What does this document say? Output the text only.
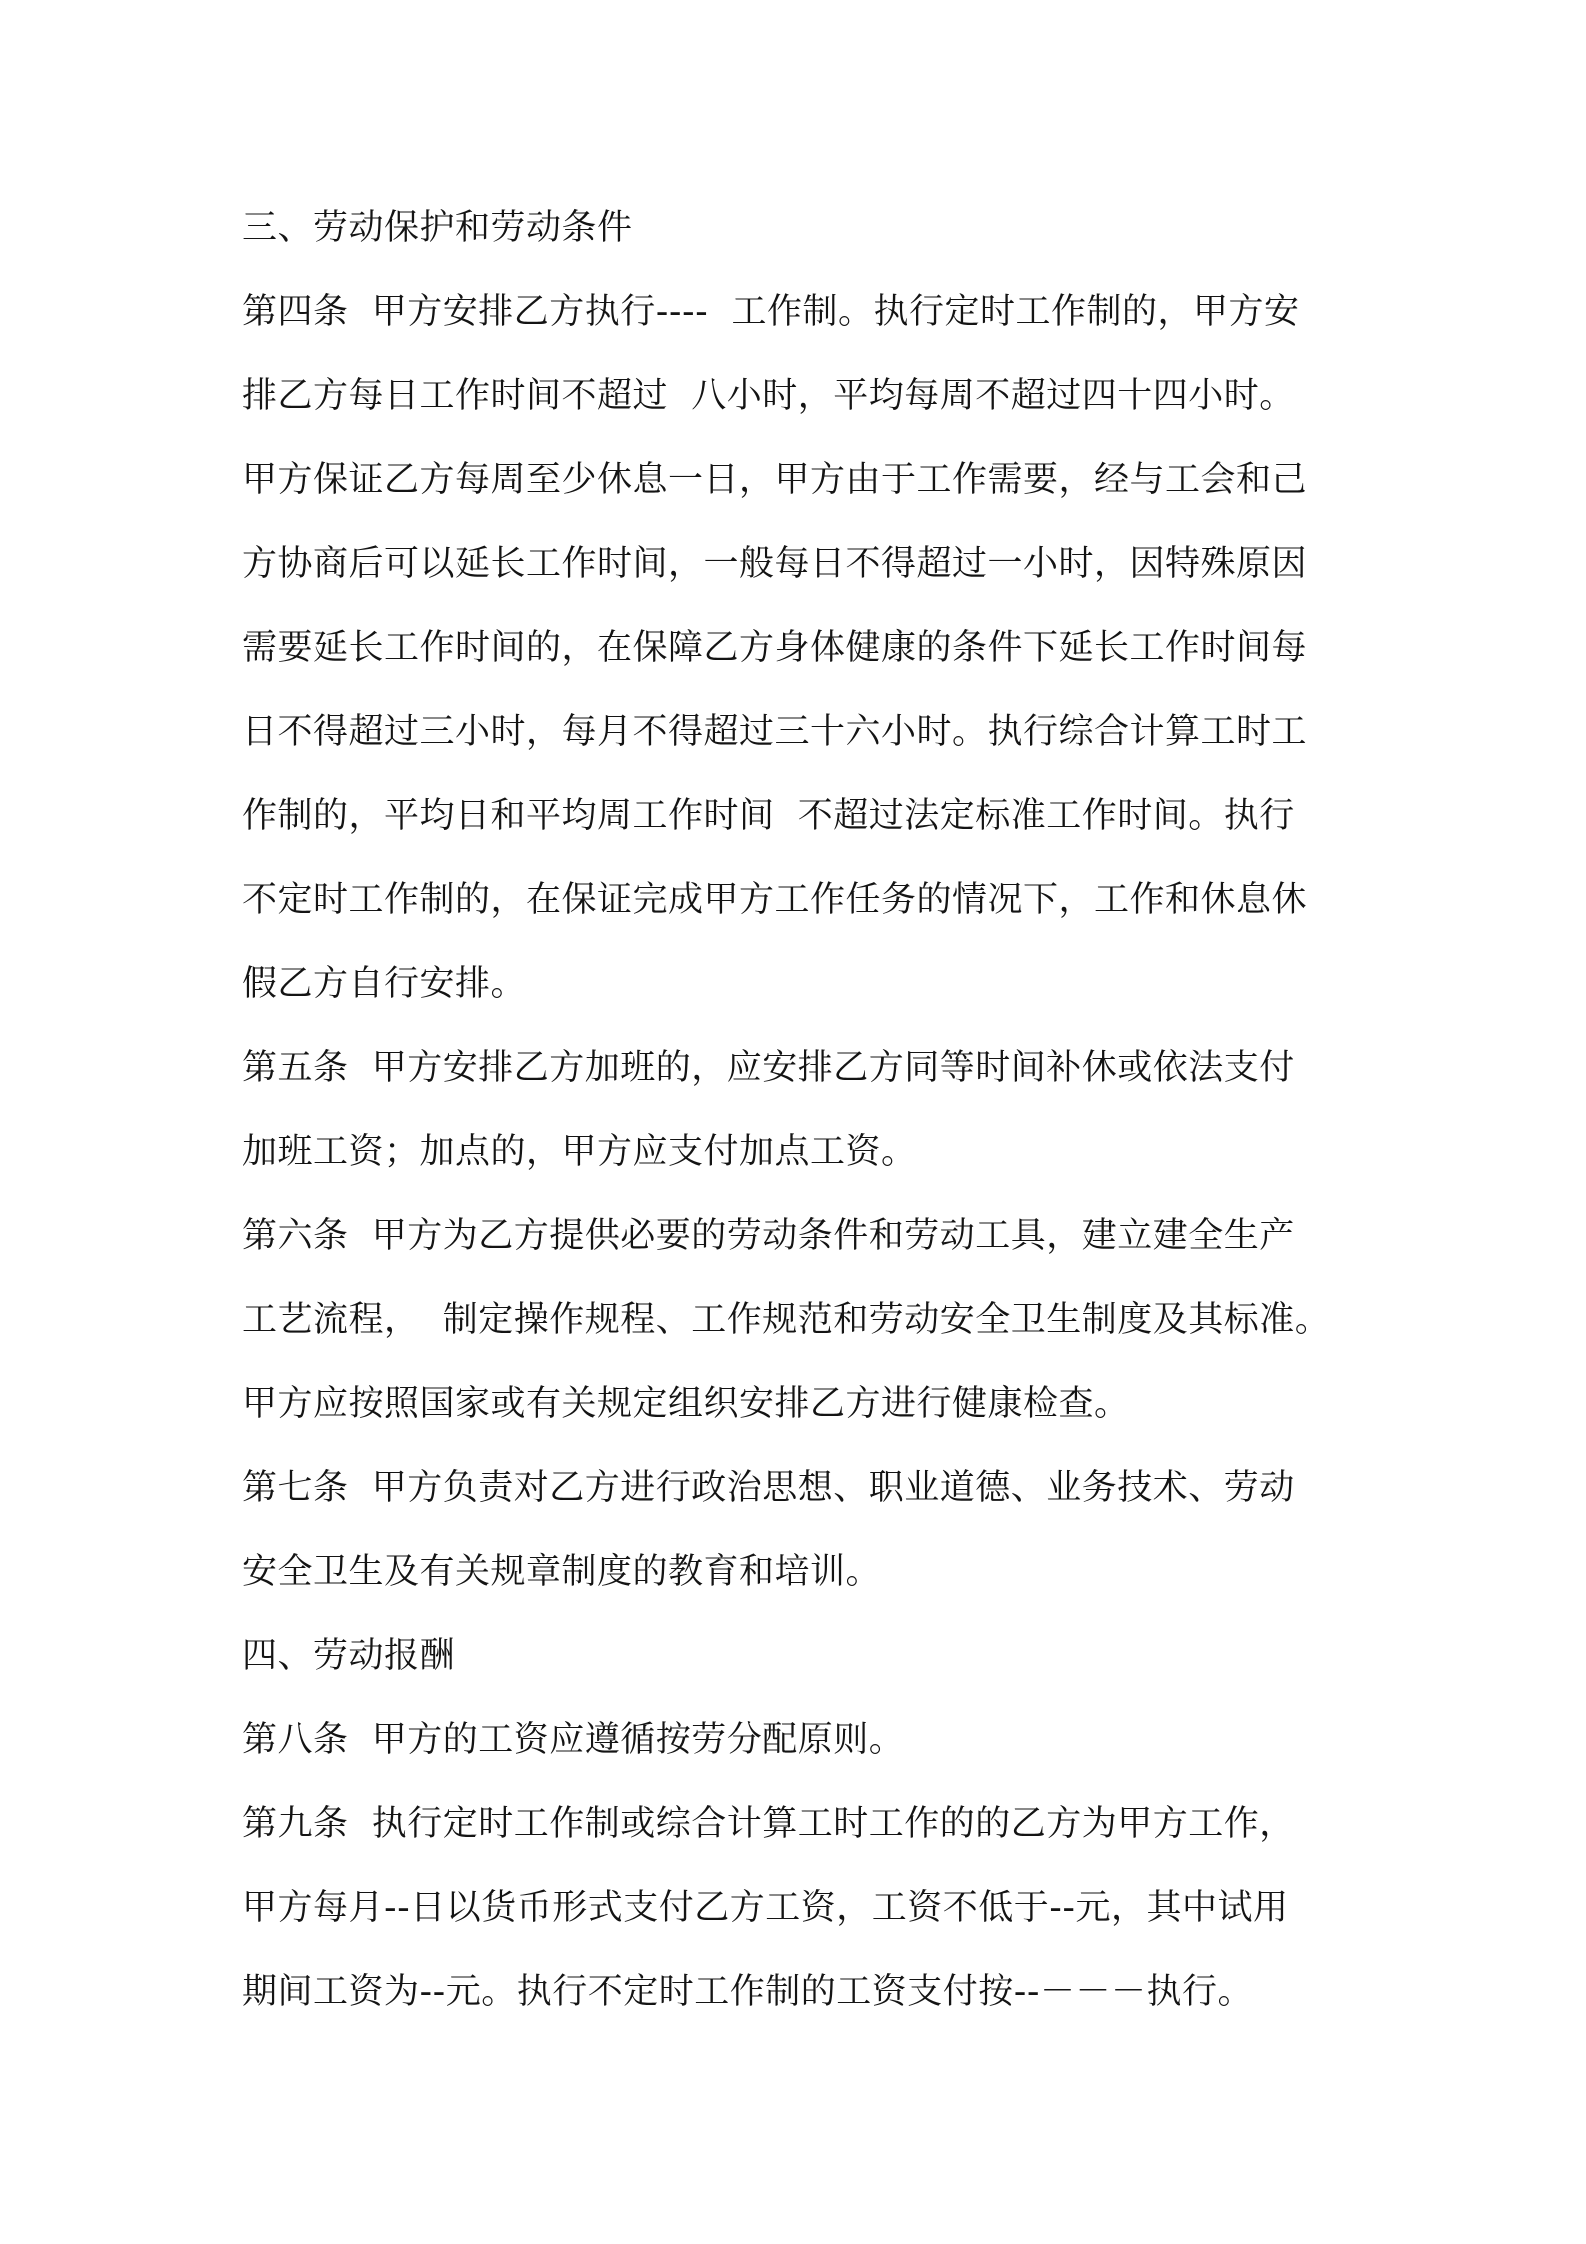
三、劳动保护和劳动条件
第四条  甲方安排乙方执行----  工作制。执行定时工作制的，甲方安
排乙方每日工作时间不超过  八小时，平均每周不超过四十四小时。
甲方保证乙方每周至少休息一日，甲方由于工作需要，经与工会和己
方协商后可以延长工作时间，一般每日不得超过一小时，因特殊原因
需要延长工作时间的，在保障乙方身体健康的条件下延长工作时间每
日不得超过三小时，每月不得超过三十六小时。执行综合计算工时工
作制的，平均日和平均周工作时间  不超过法定标准工作时间。执行
不定时工作制的，在保证完成甲方工作任务的情况下，工作和休息休
假乙方自行安排。
第五条  甲方安排乙方加班的，应安排乙方同等时间补休或依法支付
加班工资；加点的，甲方应支付加点工资。
第六条  甲方为乙方提供必要的劳动条件和劳动工具，建立建全生产
工艺流程，  制定操作规程、工作规范和劳动安全卫生制度及其标准。
甲方应按照国家或有关规定组织安排乙方进行健康检查。
第七条  甲方负责对乙方进行政治思想、职业道德、业务技术、劳动
安全卫生及有关规章制度的教育和培训。
四、劳动报酬
第八条  甲方的工资应遵循按劳分配原则。
第九条  执行定时工作制或综合计算工时工作的的乙方为甲方工作，
甲方每月--日以货币形式支付乙方工资，工资不低于--元，其中试用
期间工资为--元。执行不定时工作制的工资支付按--－－－执行。
